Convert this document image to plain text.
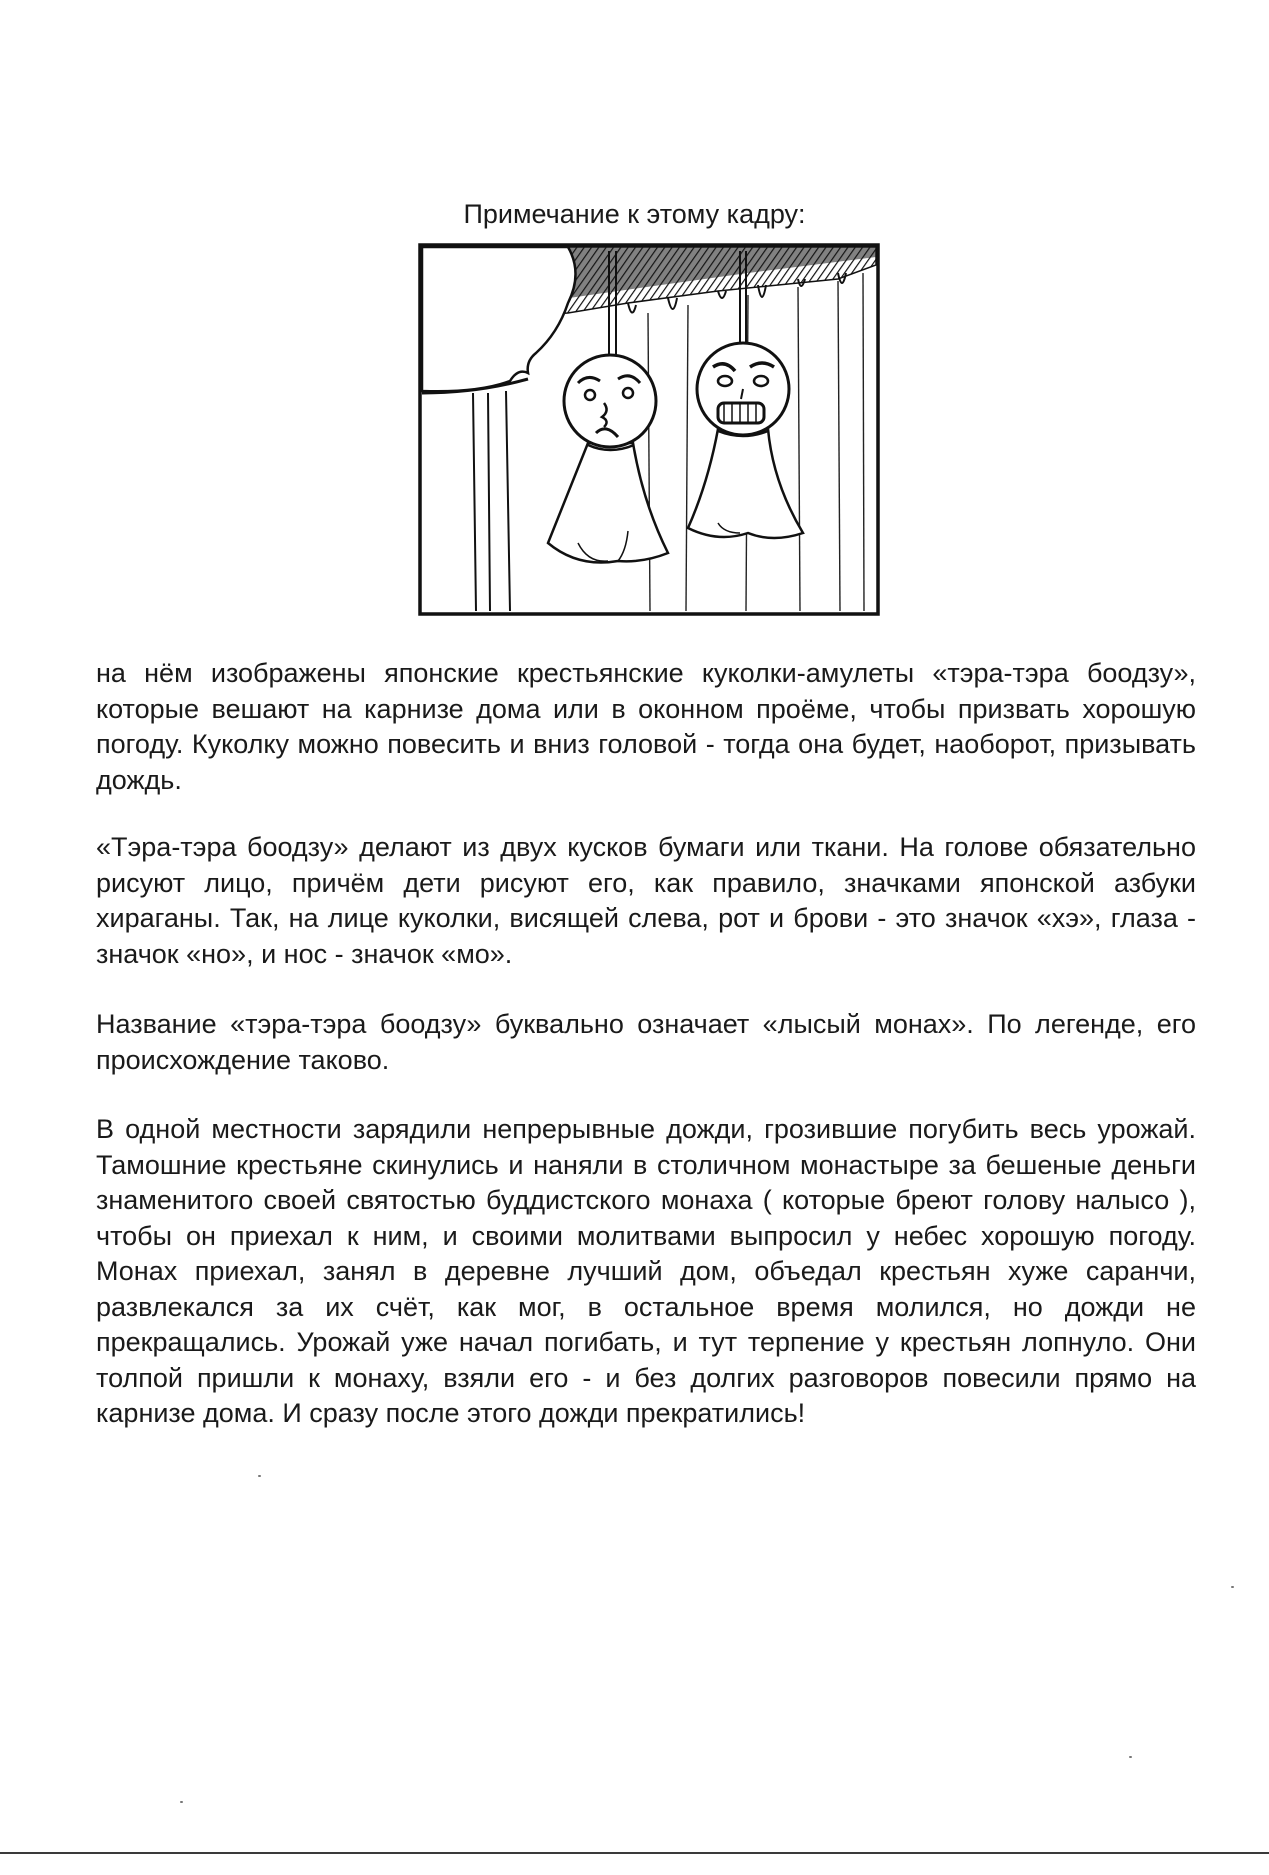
Примечание к этому кадру:
на нём изображены японские крестьянские куколки-амулеты «тэра-тэра боодзу», которые вешают на карнизе дома или в оконном проёме, чтобы призвать хорошую погоду. Куколку можно повесить и вниз головой - тогда она будет, наоборот, призывать дождь.
«Тэра-тэра боодзу» делают из двух кусков бумаги или ткани. На голове обязательно рисуют лицо, причём дети рисуют его, как правило, значками японской азбуки хираганы. Так, на лице куколки, висящей слева, рот и брови - это значок «хэ», глаза - значок «но», и нос - значок «мо».
Название «тэра-тэра боодзу» буквально означает «лысый монах». По легенде, его происхождение таково.
В одной местности зарядили непрерывные дожди, грозившие погубить весь урожай. Тамошние крестьяне скинулись и наняли в столичном монастыре за бешеные деньги знаменитого своей святостью буддистского монаха ( которые бреют голову налысо ), чтобы он приехал к ним, и своими молитвами выпросил у небес хорошую погоду. Монах приехал, занял в деревне лучший дом, объедал крестьян хуже саранчи, развлекался за их счёт, как мог, в остальное время молился, но дожди не прекращались. Урожай уже начал погибать, и тут терпение у крестьян лопнуло. Они толпой пришли к монаху, взяли его - и без долгих разговоров повесили прямо на карнизе дома. И сразу после этого дожди прекратились!
